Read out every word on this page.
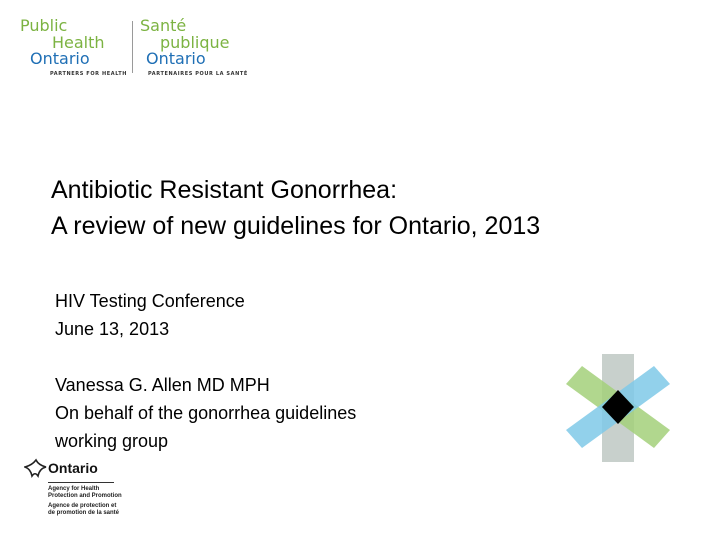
Public
Health
Ontario
Santé
publique
Ontario
PARTNERS FOR HEALTH	PARTENAIRES POUR LA SANTÉ
Antibiotic Resistant Gonorrhea:
A review of new guidelines for Ontario, 2013
HIV Testing Conference
June 13, 2013
Vanessa G. Allen MD MPH
On behalf of the gonorrhea guidelines
working group
Ontario
Agency for Health
Protection and Promotion
Agence de protection et
de promotion de la santé
